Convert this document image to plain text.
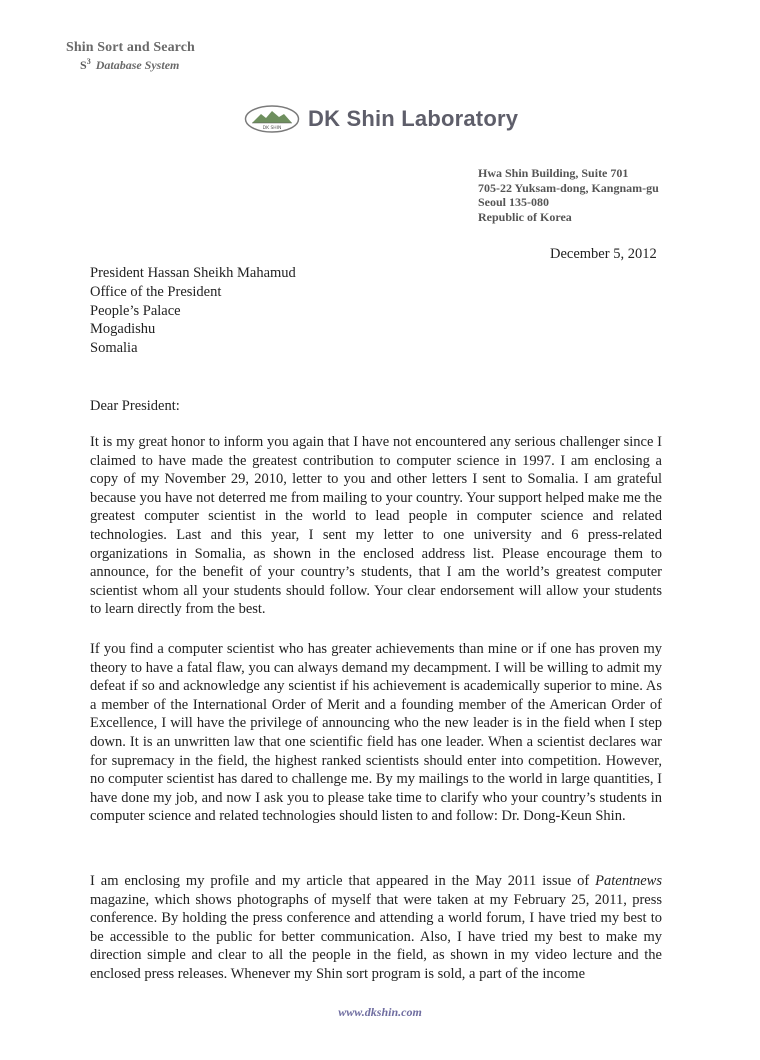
Shin Sort and Search
$S^3$ Database System
DK SHIN DK Shin Laboratory
Hwa Shin Building, Suite 701
705-22 Yuksam-dong, Kangnam-gu
Seoul 135-080
Republic of Korea
December 5, 2012
President Hassan Sheikh Mahamud
Office of the President
People’s Palace
Mogadishu
Somalia
Dear President:
It is my great honor to inform you again that I have not encountered any serious challenger since I claimed to have made the greatest contribution to computer science in 1997. I am enclosing a copy of my November 29, 2010, letter to you and other letters I sent to Somalia. I am grateful because you have not deterred me from mailing to your country. Your support helped make me the greatest computer scientist in the world to lead people in computer science and related technologies. Last and this year, I sent my letter to one university and 6 press-related organizations in Somalia, as shown in the enclosed address list. Please encourage them to announce, for the benefit of your country’s students, that I am the world’s greatest computer scientist whom all your students should follow. Your clear endorsement will allow your students to learn directly from the best.
If you find a computer scientist who has greater achievements than mine or if one has proven my theory to have a fatal flaw, you can always demand my decampment. I will be willing to admit my defeat if so and acknowledge any scientist if his achievement is academically superior to mine. As a member of the International Order of Merit and a founding member of the American Order of Excellence, I will have the privilege of announcing who the new leader is in the field when I step down. It is an unwritten law that one scientific field has one leader. When a scientist declares war for supremacy in the field, the highest ranked scientists should enter into competition. However, no computer scientist has dared to challenge me. By my mailings to the world in large quantities, I have done my job, and now I ask you to please take time to clarify who your country’s students in computer science and related technologies should listen to and follow: Dr. Dong-Keun Shin.
I am enclosing my profile and my article that appeared in the May 2011 issue of Patentnews magazine, which shows photographs of myself that were taken at my February 25, 2011, press conference. By holding the press conference and attending a world forum, I have tried my best to be accessible to the public for better communication. Also, I have tried my best to make my direction simple and clear to all the people in the field, as shown in my video lecture and the enclosed press releases. Whenever my Shin sort program is sold, a part of the income
www.dkshin.com
